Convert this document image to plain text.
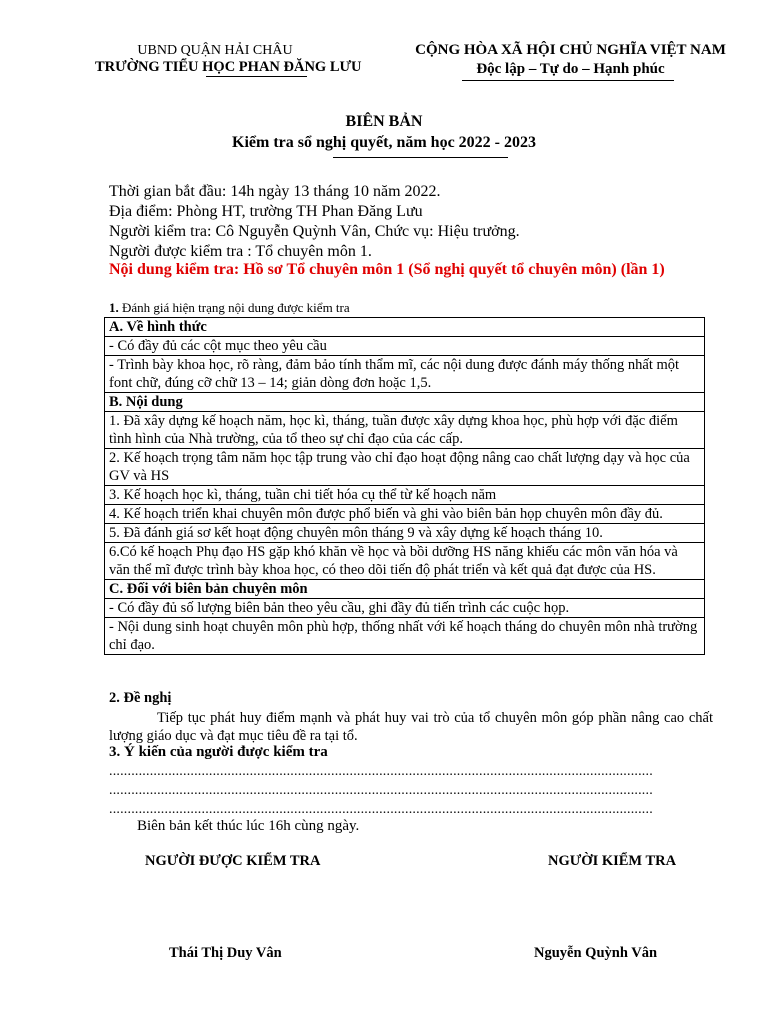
UBND QUẬN HẢI CHÂU
TRƯỜNG TIỂU HỌC PHAN ĐĂNG LƯU
CỘNG HÒA XÃ HỘI CHỦ NGHĨA VIỆT NAM
Độc lập – Tự do – Hạnh phúc
BIÊN BẢN
Kiểm tra sổ nghị quyết, năm học 2022 - 2023
Thời gian bắt đầu: 14h ngày 13 tháng 10 năm 2022.
Địa điểm: Phòng HT, trường TH Phan Đăng Lưu
Người kiểm tra: Cô Nguyễn Quỳnh Vân, Chức vụ: Hiệu trưởng.
Người được kiểm tra : Tổ chuyên môn 1.
Nội dung kiểm tra: Hồ sơ Tổ chuyên môn 1 (Sổ nghị quyết tổ chuyên môn) (lần 1)
1. Đánh giá hiện trạng nội dung được kiểm tra
A. Về hình thức
- Có đầy đủ các cột mục theo yêu cầu
- Trình bày khoa học, rõ ràng, đảm bảo tính thẩm mĩ, các nội dung được đánh máy thống nhất một font chữ, đúng cỡ chữ 13 – 14; giản dòng đơn hoặc 1,5.
B. Nội dung
1. Đã xây dựng kế hoạch năm, học kì, tháng, tuần được xây dựng khoa học, phù hợp với đặc điểm tình hình của Nhà trường, của tổ theo sự chỉ đạo của các cấp.
2. Kế hoạch trọng tâm năm học tập trung vào chỉ đạo hoạt động nâng cao chất lượng dạy và học của GV và HS
3. Kế hoạch học kì, tháng, tuần chi tiết hóa cụ thể từ kế hoạch năm
4. Kế hoạch triển khai chuyên môn được phổ biến và ghi vào biên bản họp chuyên môn đầy đủ.
5. Đã đánh giá sơ kết hoạt động chuyên môn tháng 9 và xây dựng kế hoạch tháng 10.
6.Có kế hoạch Phụ đạo HS gặp khó khăn về học và bồi dưỡng HS năng khiếu các môn văn hóa và văn thể mĩ được trình bày khoa học, có theo dõi tiến độ phát triển và kết quả đạt được của HS.
C. Đối với biên bản chuyên môn
- Có đầy đủ số lượng biên bản theo yêu cầu, ghi đầy đủ tiến trình các cuộc họp.
- Nội dung sinh hoạt chuyên môn phù hợp, thống nhất với kế hoạch tháng do chuyên môn nhà trường chỉ đạo.
2. Đề nghị
Tiếp tục phát huy điểm mạnh và phát huy vai trò của tổ chuyên môn góp phần nâng cao chất lượng giáo dục và đạt mục tiêu đề ra tại tổ.
3. Ý kiến của người được kiểm tra
...................................................................................................................................................
...................................................................................................................................................
...................................................................................................................................................
Biên bản kết thúc lúc 16h cùng ngày.
NGƯỜI ĐƯỢC KIỂM TRA	NGƯỜI KIỂM TRA
Thái Thị Duy Vân	Nguyễn Quỳnh Vân
